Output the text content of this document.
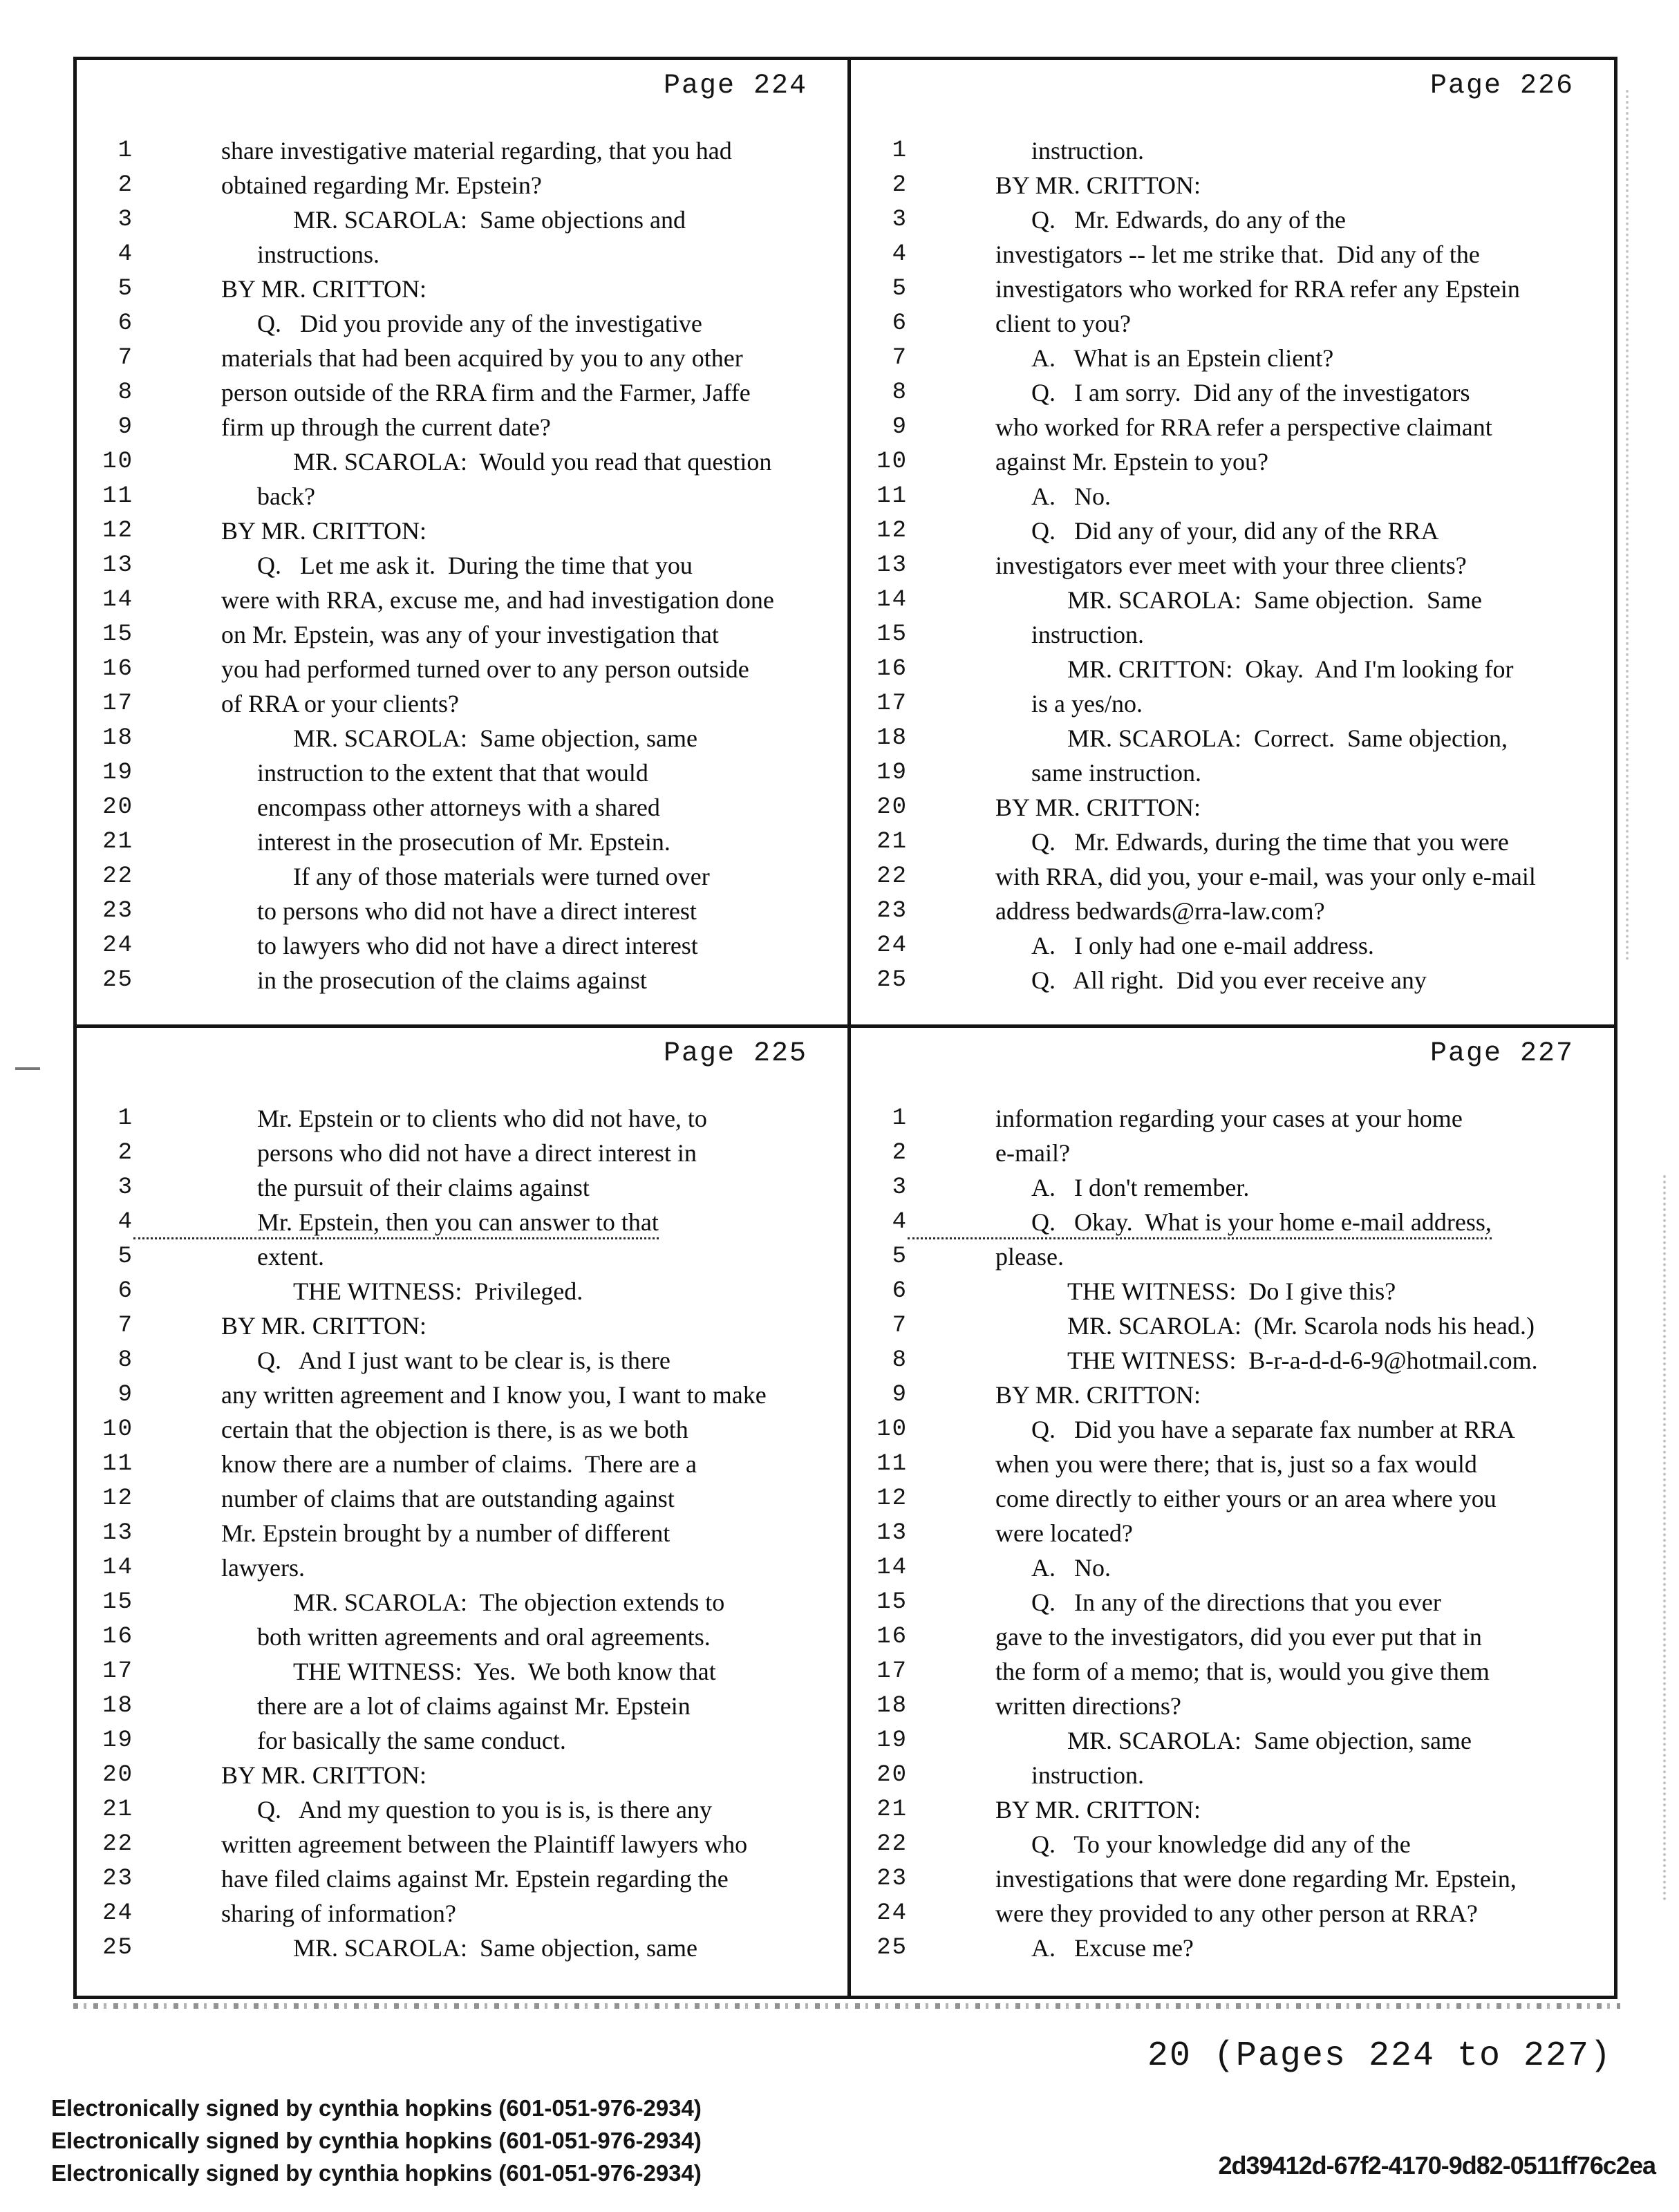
Page 224
1	share investigative material regarding, that you had
2	obtained regarding Mr. Epstein?
3	MR. SCAROLA:  Same objections and
4	instructions.
5	BY MR. CRITTON:
6	Q.   Did you provide any of the investigative
7	materials that had been acquired by you to any other
8	person outside of the RRA firm and the Farmer, Jaffe
9	firm up through the current date?
10	MR. SCAROLA:  Would you read that question
11	back?
12	BY MR. CRITTON:
13	Q.   Let me ask it.  During the time that you
14	were with RRA, excuse me, and had investigation done
15	on Mr. Epstein, was any of your investigation that
16	you had performed turned over to any person outside
17	of RRA or your clients?
18	MR. SCAROLA:  Same objection, same
19	instruction to the extent that that would
20	encompass other attorneys with a shared
21	interest in the prosecution of Mr. Epstein.
22	If any of those materials were turned over
23	to persons who did not have a direct interest
24	to lawyers who did not have a direct interest
25	in the prosecution of the claims against
Page 226
1	instruction.
2	BY MR. CRITTON:
3	Q.   Mr. Edwards, do any of the
4	investigators -- let me strike that.  Did any of the
5	investigators who worked for RRA refer any Epstein
6	client to you?
7	A.   What is an Epstein client?
8	Q.   I am sorry.  Did any of the investigators
9	who worked for RRA refer a perspective claimant
10	against Mr. Epstein to you?
11	A.   No.
12	Q.   Did any of your, did any of the RRA
13	investigators ever meet with your three clients?
14	MR. SCAROLA:  Same objection.  Same
15	instruction.
16	MR. CRITTON:  Okay.  And I'm looking for
17	is a yes/no.
18	MR. SCAROLA:  Correct.  Same objection,
19	same instruction.
20	BY MR. CRITTON:
21	Q.   Mr. Edwards, during the time that you were
22	with RRA, did you, your e-mail, was your only e-mail
23	address bedwards@rra-law.com?
24	A.   I only had one e-mail address.
25	Q.   All right.  Did you ever receive any
Page 225
1	Mr. Epstein or to clients who did not have, to
2	persons who did not have a direct interest in
3	the pursuit of their claims against
4	Mr. Epstein, then you can answer to that
5	extent.
6	THE WITNESS:  Privileged.
7	BY MR. CRITTON:
8	Q.   And I just want to be clear is, is there
9	any written agreement and I know you, I want to make
10	certain that the objection is there, is as we both
11	know there are a number of claims.  There are a
12	number of claims that are outstanding against
13	Mr. Epstein brought by a number of different
14	lawyers.
15	MR. SCAROLA:  The objection extends to
16	both written agreements and oral agreements.
17	THE WITNESS:  Yes.  We both know that
18	there are a lot of claims against Mr. Epstein
19	for basically the same conduct.
20	BY MR. CRITTON:
21	Q.   And my question to you is is, is there any
22	written agreement between the Plaintiff lawyers who
23	have filed claims against Mr. Epstein regarding the
24	sharing of information?
25	MR. SCAROLA:  Same objection, same
Page 227
1	information regarding your cases at your home
2	e-mail?
3	A.   I don't remember.
4	Q.   Okay.  What is your home e-mail address,
5	please.
6	THE WITNESS:  Do I give this?
7	MR. SCAROLA:  (Mr. Scarola nods his head.)
8	THE WITNESS:  B-r-a-d-d-6-9@hotmail.com.
9	BY MR. CRITTON:
10	Q.   Did you have a separate fax number at RRA
11	when you were there; that is, just so a fax would
12	come directly to either yours or an area where you
13	were located?
14	A.   No.
15	Q.   In any of the directions that you ever
16	gave to the investigators, did you ever put that in
17	the form of a memo; that is, would you give them
18	written directions?
19	MR. SCAROLA:  Same objection, same
20	instruction.
21	BY MR. CRITTON:
22	Q.   To your knowledge did any of the
23	investigations that were done regarding Mr. Epstein,
24	were they provided to any other person at RRA?
25	A.   Excuse me?
20 (Pages 224 to 227)
Electronically signed by cynthia hopkins (601-051-976-2934)
Electronically signed by cynthia hopkins (601-051-976-2934)
Electronically signed by cynthia hopkins (601-051-976-2934)	2d39412d-67f2-4170-9d82-0511ff76c2ea
